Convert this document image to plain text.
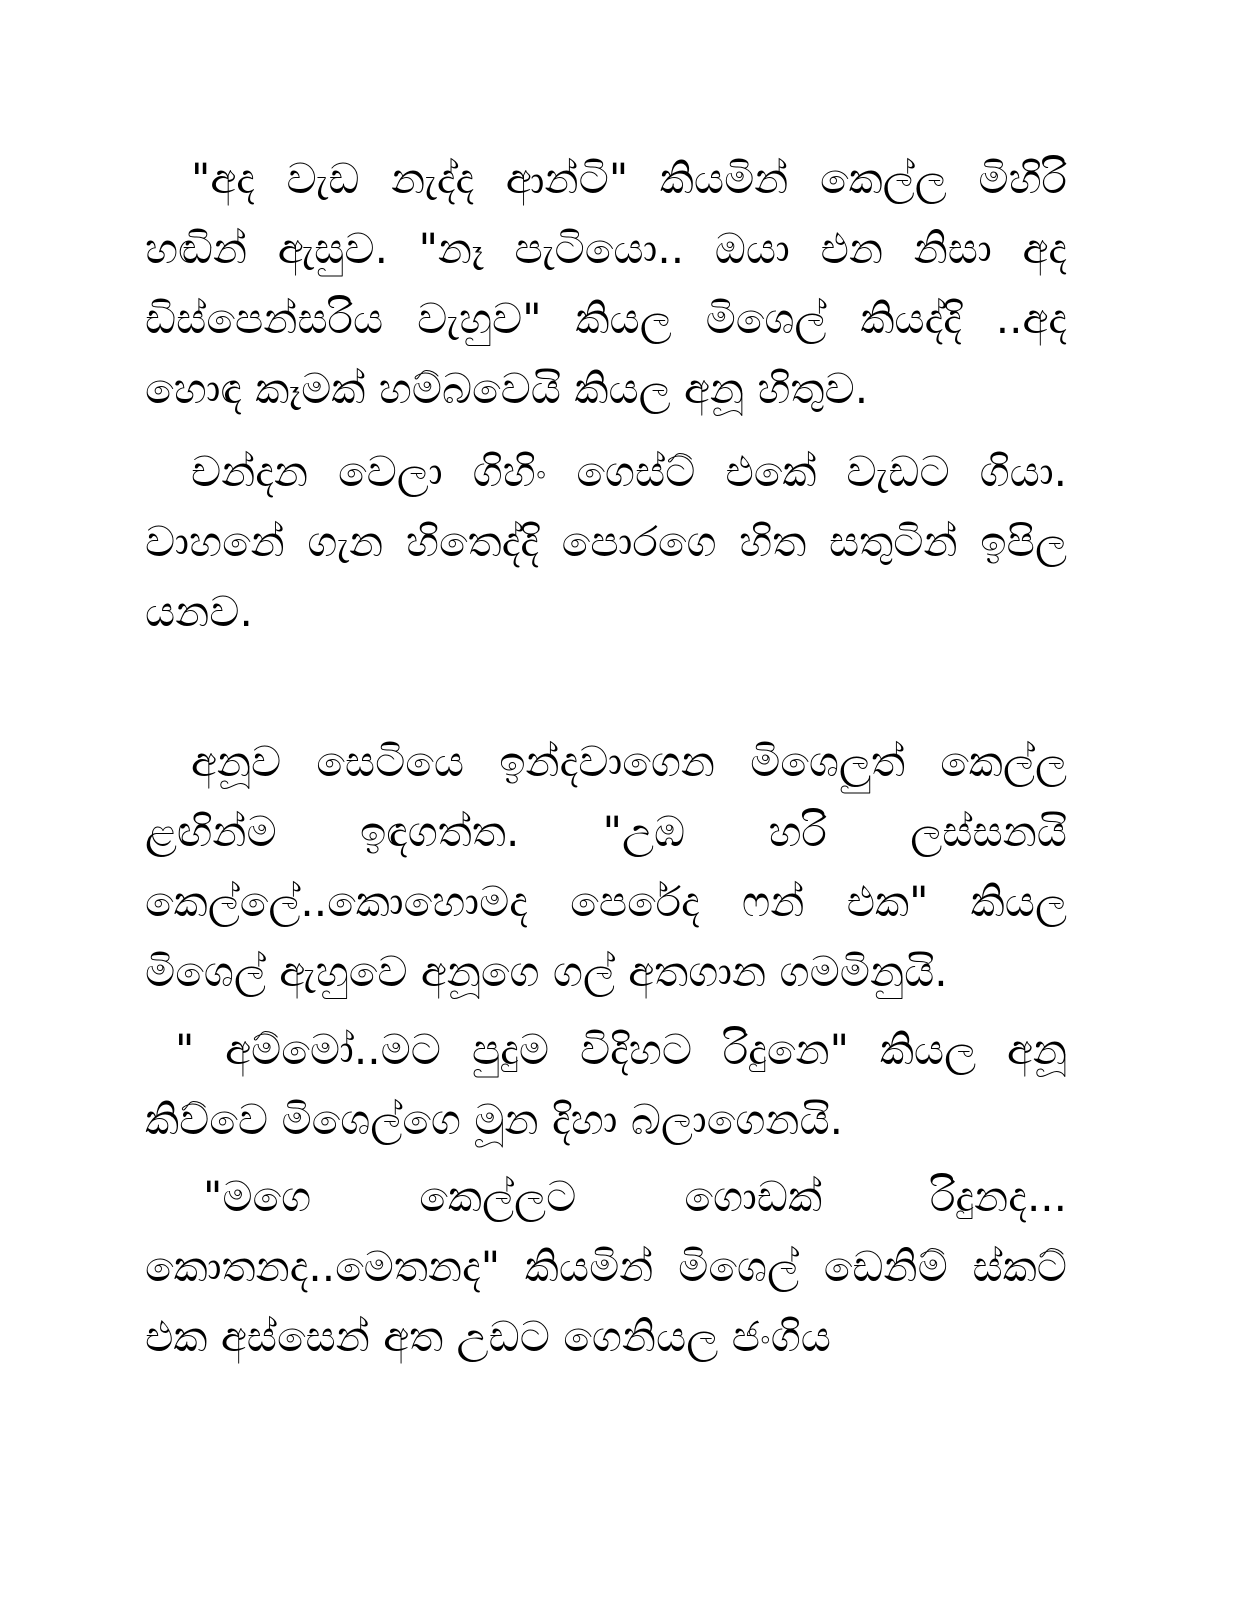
"අද වැඩ නැද්ද ආන්ටි" කියමින් කෙල්ල මිහිරි හඬින් ඇසුව. "නෑ පැටියො.. ඔයා එන නිසා අද ඩිස්පෙන්සරිය වැහුව" කියල මිශෙල් කියද්දි ..අද හොඳ කෑමක් හම්බවෙයි කියල අනූ හිතුව.

චන්දන වෙලා ගිහිං ගෙස්ට් එකේ වැඩට ගියා. වාහනේ ගැන හිතෙද්දි පොරගෙ හිත සතුටින් ඉපිල යනව.

අනූව සෙටියෙ ඉන්දවාගෙන මිශෙලුත් කෙල්ල ළඟින්ම ඉඳගත්ත. "උඹ හරි ලස්සනයි කෙල්ලේ..කොහොමද පෙරේද ෆන් එක" කියල මිශෙල් ඇහුවෙ අනූගෙ ගල් අතගාන ගමමිනුයි.

" අම්මෝ..මට පුදුම විදිහට රිදුනෙ" කියල අනූ කිව්වෙ මිශෙල්ගෙ මූන දිහා බලාගෙනයි.

"මගෙ කෙල්ලට ගොඩක් රිදුනද... කොතනද..මෙතනද" කියමින් මිශෙල් ඩෙනිම් ස්කට් එක අස්සෙන් අත උඩට ගෙනියල ජංගිය
